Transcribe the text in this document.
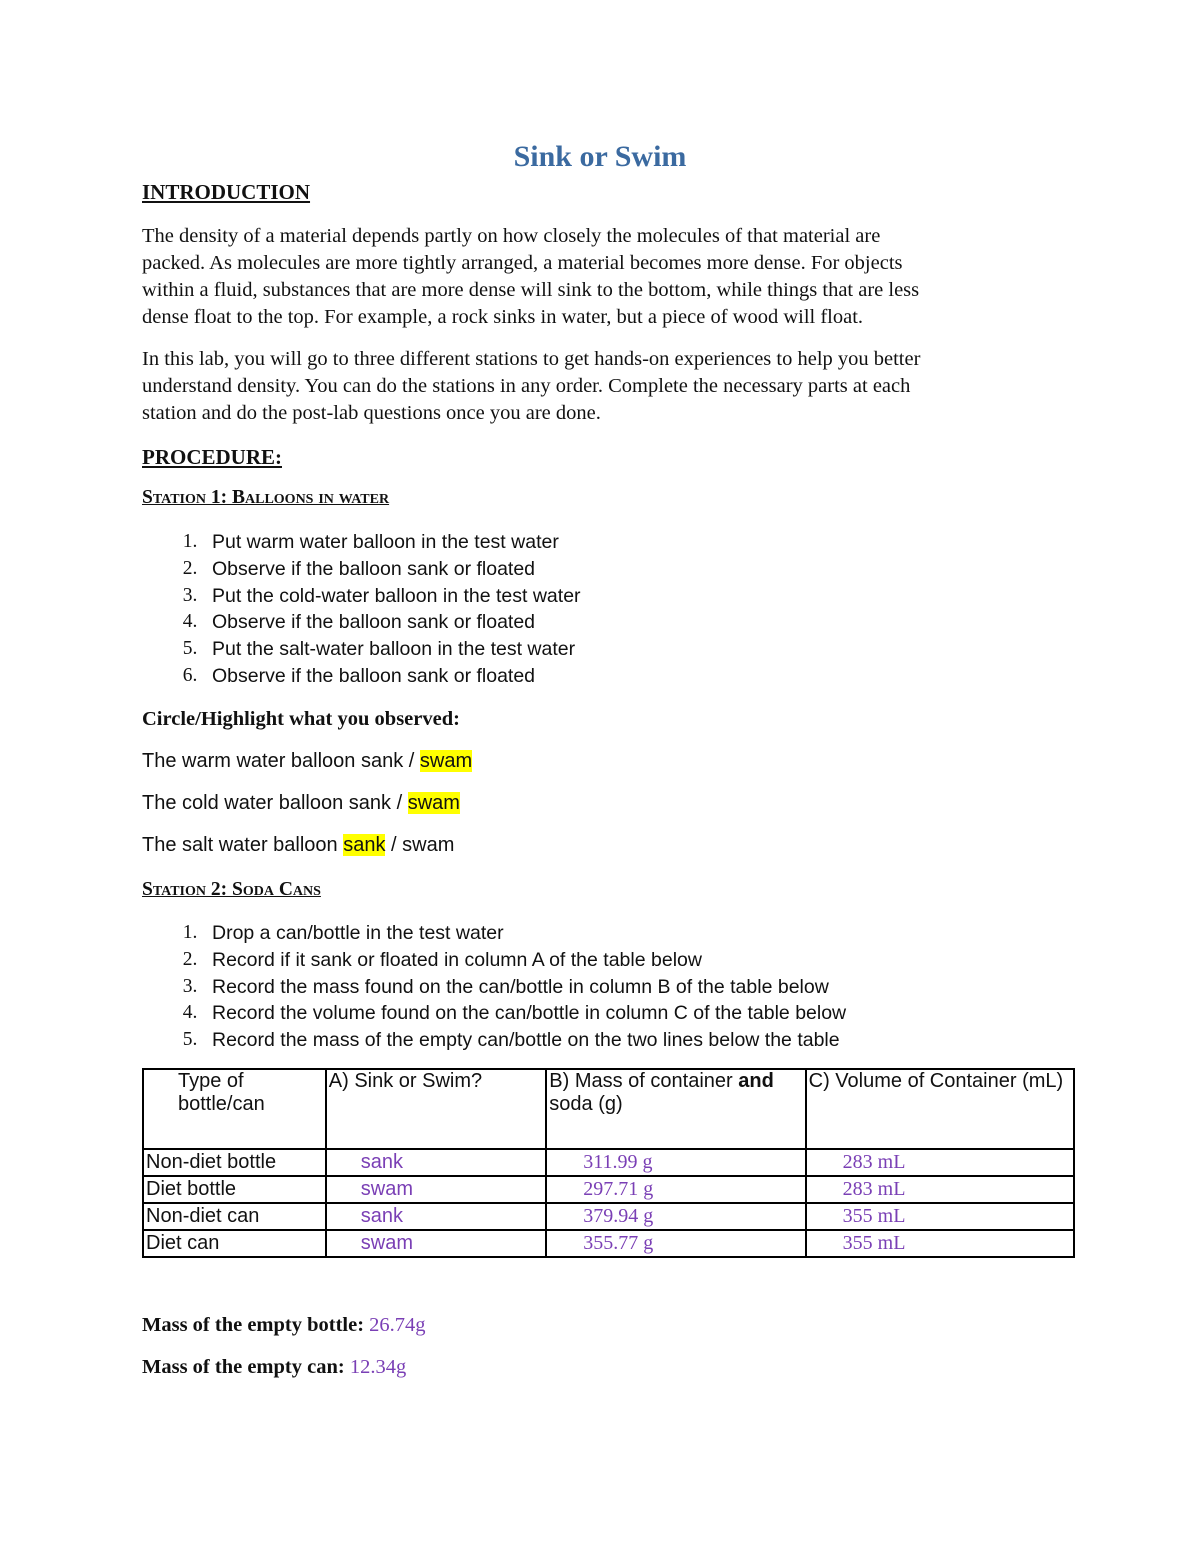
Sink or Swim

INTRODUCTION

The density of a material depends partly on how closely the molecules of that material are
packed. As molecules are more tightly arranged, a material becomes more dense. For objects
within a fluid, substances that are more dense will sink to the bottom, while things that are less
dense float to the top. For example, a rock sinks in water, but a piece of wood will float.
In this lab, you will go to three different stations to get hands-on experiences to help you better
understand density. You can do the stations in any order. Complete the necessary parts at each
station and do the post-lab questions once you are done.

PROCEDURE:

Station 1: Balloons in water

1. Put warm water balloon in the test water
2. Observe if the balloon sank or floated
3. Put the cold-water balloon in the test water
4. Observe if the balloon sank or floated
5. Put the salt-water balloon in the test water
6. Observe if the balloon sank or floated

Circle/Highlight what you observed:

The warm water balloon sank / swam

The cold water balloon sank / swam

The salt water balloon sank / swam

Station 2: Soda Cans

1. Drop a can/bottle in the test water
2. Record if it sank or floated in column A of the table below
3. Record the mass found on the can/bottle in column B of the table below
4. Record the volume found on the can/bottle in column C of the table below
5. Record the mass of the empty can/bottle on the two lines below the table
Type of bottle/can	A) Sink or Swim?	B) Mass of container and soda (g)	C) Volume of Container (mL)
Non-diet bottle	sank	311.99 g	283 mL
Diet bottle	swam	297.71 g	283 mL
Non-diet can	sank	379.94 g	355 mL
Diet can	swam	355.77 g	355 mL

Mass of the empty bottle: 26.74g

Mass of the empty can: 12.34g
